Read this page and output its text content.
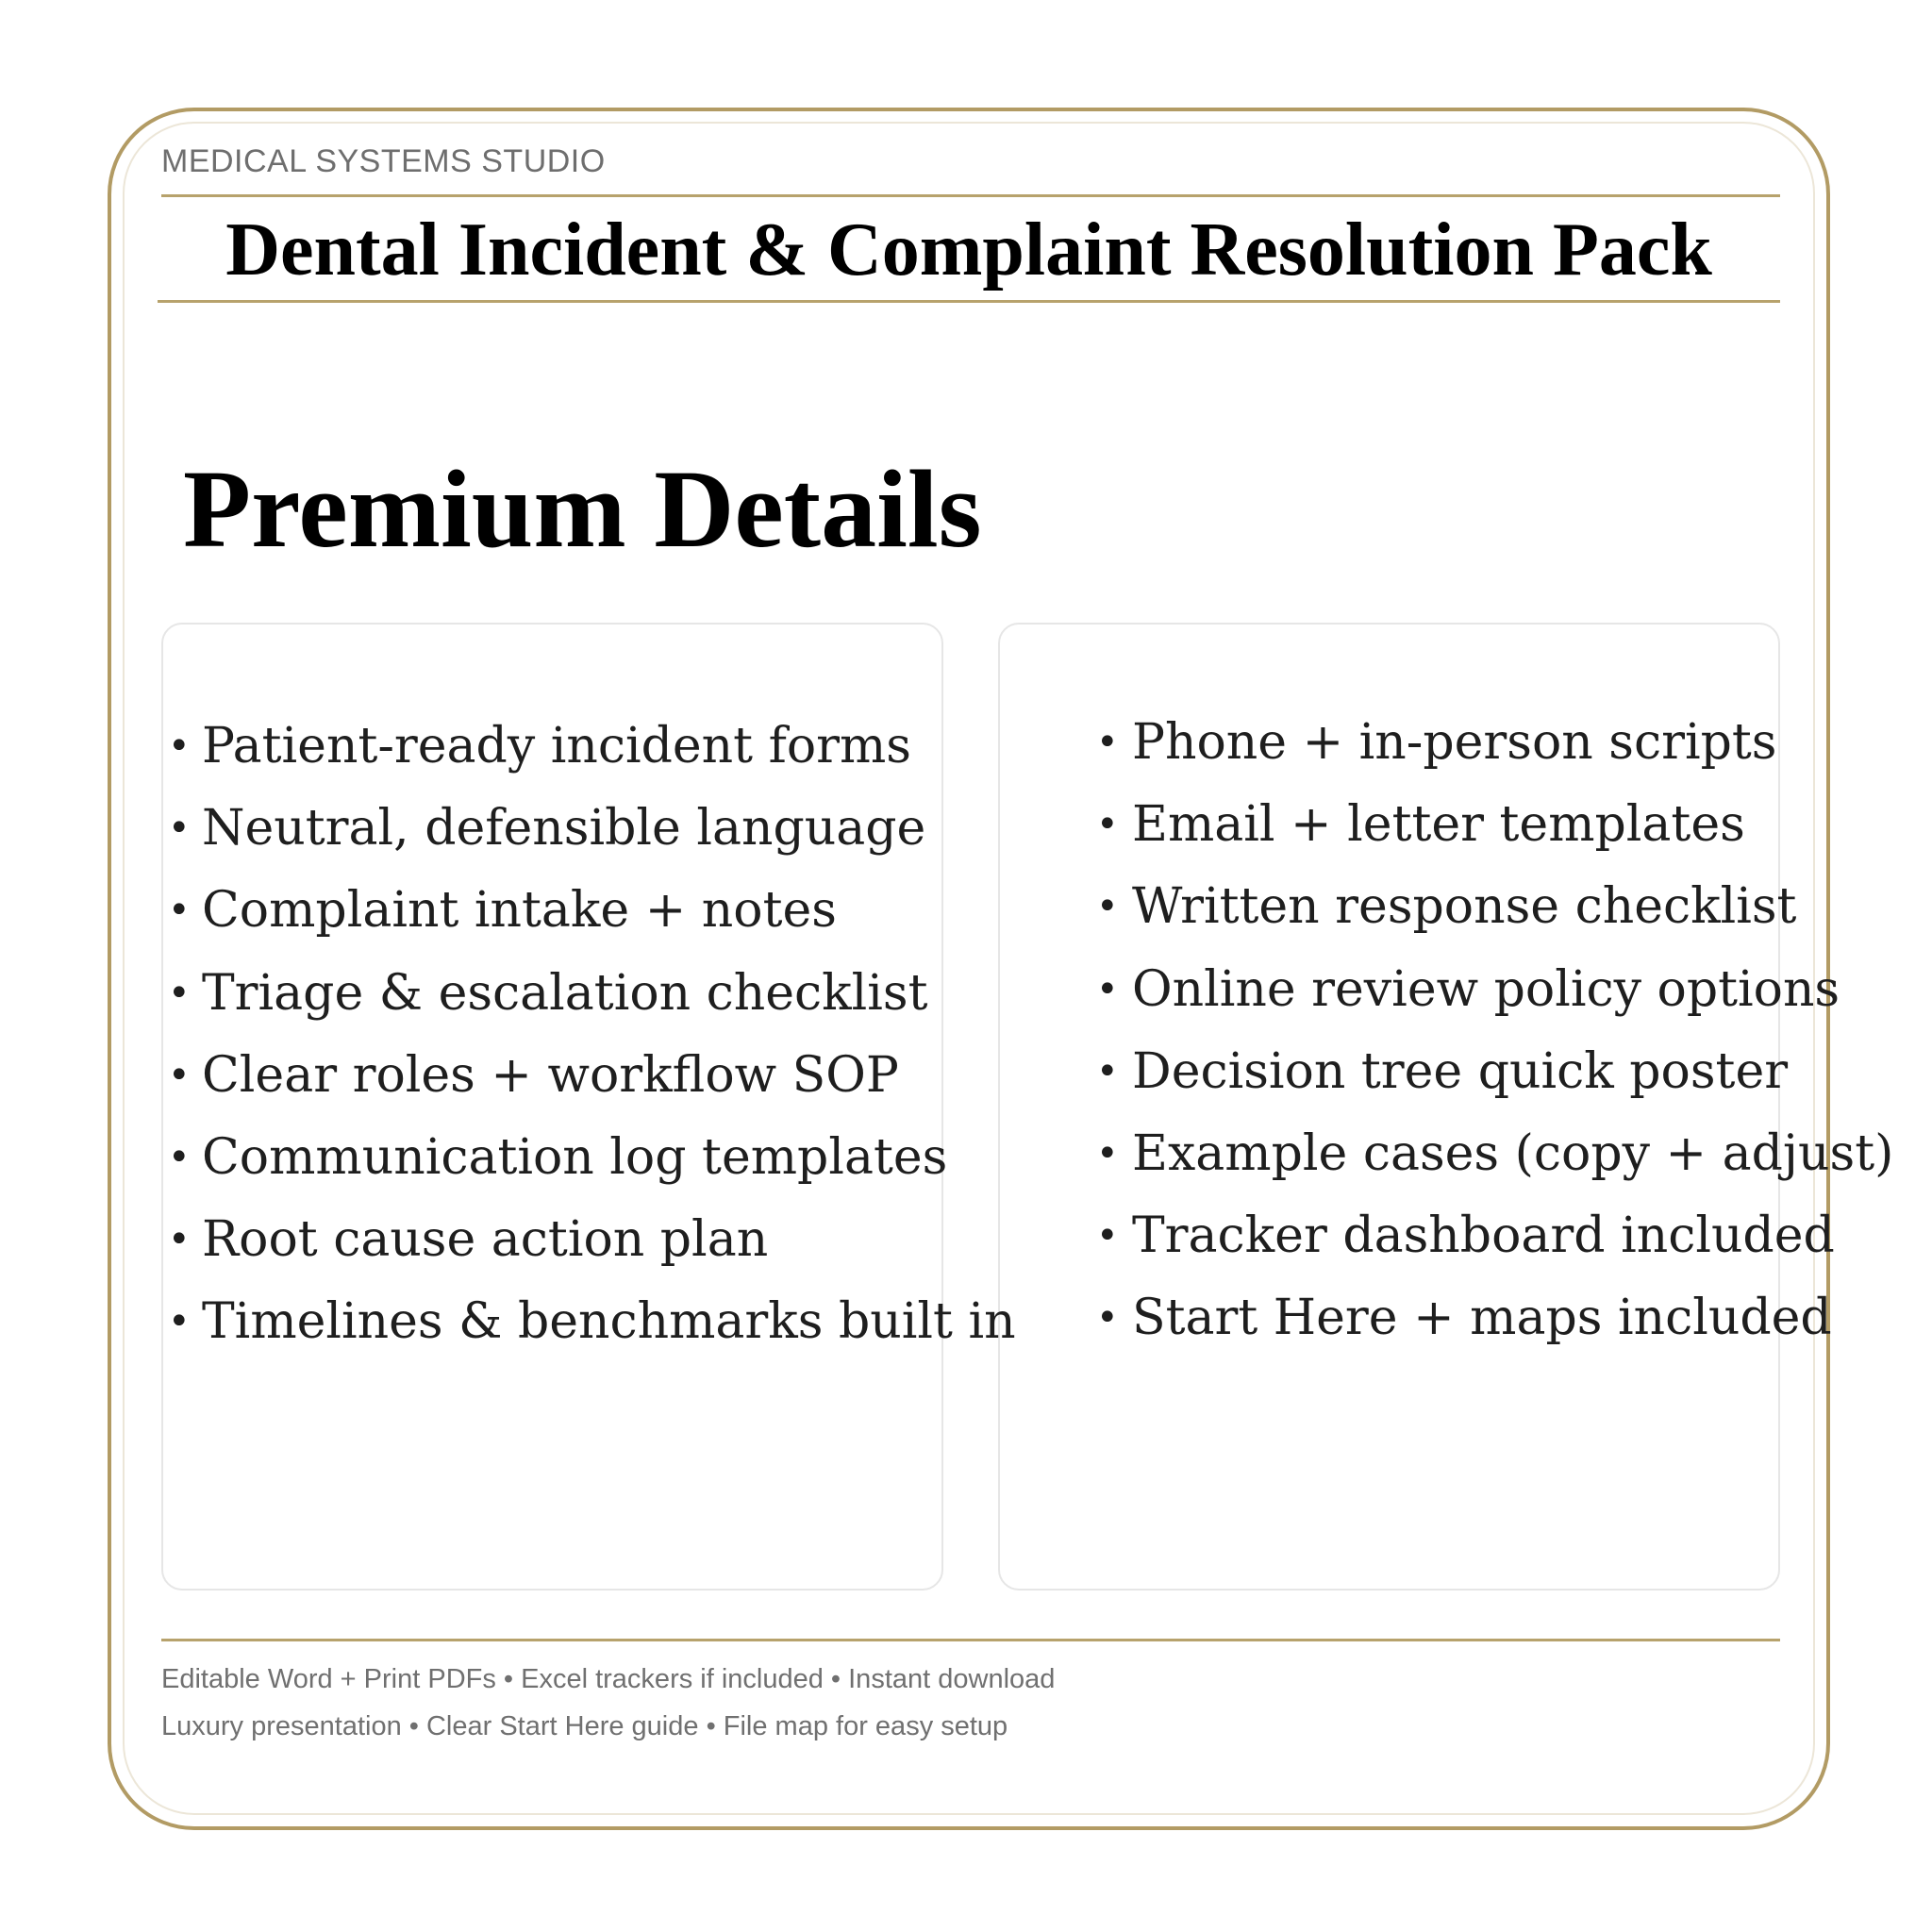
MEDICAL SYSTEMS STUDIO
Dental Incident & Complaint Resolution Pack
Premium Details
• Patient-ready incident forms
• Neutral, defensible language
• Complaint intake + notes
• Triage & escalation checklist
• Clear roles + workflow SOP
• Communication log templates
• Root cause action plan
• Timelines & benchmarks built in
• Phone + in-person scripts
• Email + letter templates
• Written response checklist
• Online review policy options
• Decision tree quick poster
• Example cases (copy + adjust)
• Tracker dashboard included
• Start Here + maps included
Editable Word + Print PDFs • Excel trackers if included • Instant download
Luxury presentation • Clear Start Here guide • File map for easy setup
